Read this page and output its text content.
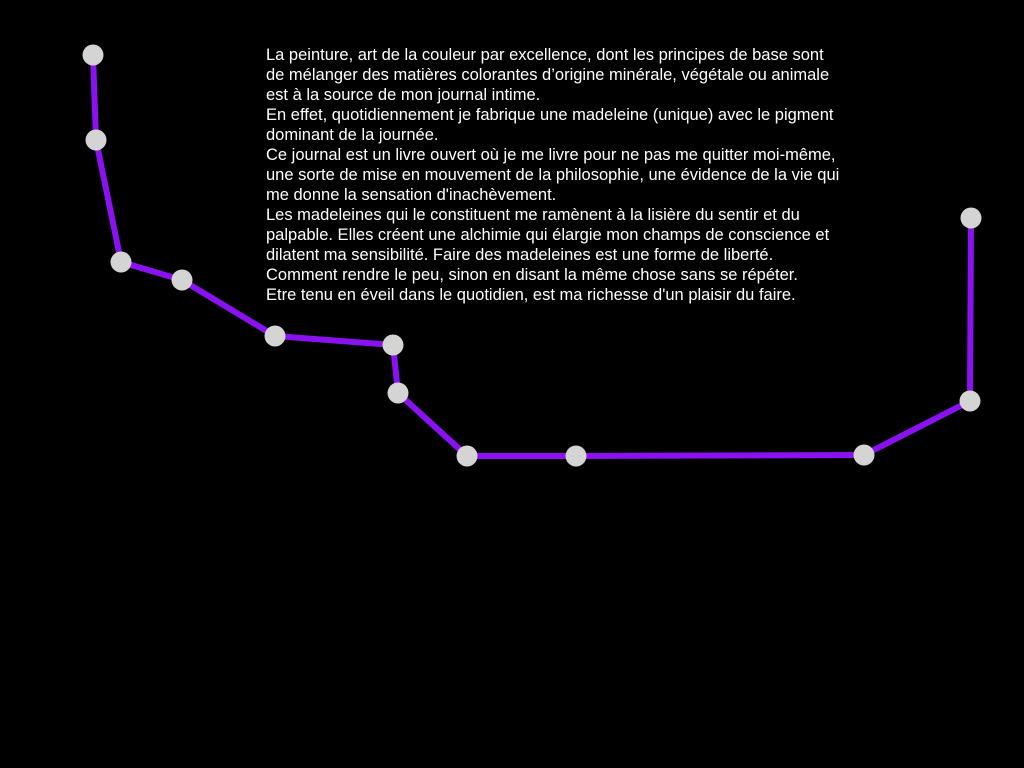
La peinture, art de la couleur par excellence, dont les principes de base sont
de mélanger des matières colorantes d’origine minérale, végétale ou animale
est à la source de mon journal intime.

En effet, quotidiennement je fabrique une madeleine (unique) avec le pigment
dominant de la journée.

Ce journal est un livre ouvert où je me livre pour ne pas me quitter moi-même,
une sorte de mise en mouvement de la philosophie, une évidence de la vie qui
me donne la sensation d'inachèvement.

Les madeleines qui le constituent me ramènent à la lisière du sentir et du
palpable. Elles créent une alchimie qui élargie mon champs de conscience et
dilatent ma sensibilité. Faire des madeleines est une forme de liberté.

Comment rendre le peu, sinon en disant la même chose sans se répéter.

Etre tenu en éveil dans le quotidien, est ma richesse d'un plaisir du faire.
